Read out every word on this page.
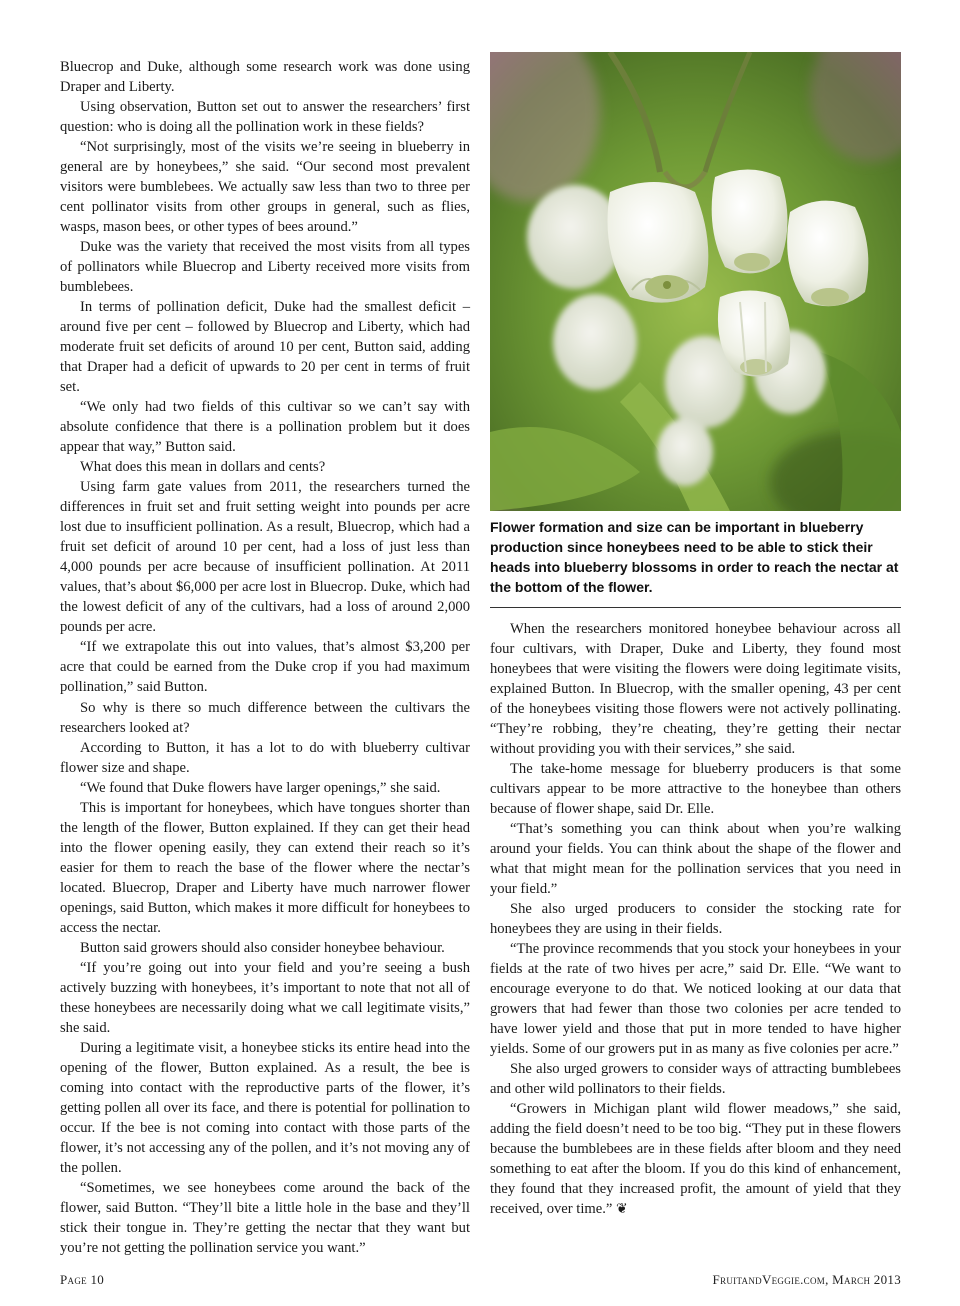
Bluecrop and Duke, although some research work was done using Draper and Liberty.

Using observation, Button set out to answer the researchers’ first question: who is doing all the pollination work in these fields?

“Not surprisingly, most of the visits we’re seeing in blueberry in general are by honeybees,” she said. “Our second most prevalent visitors were bumblebees. We actually saw less than two to three per cent pollinator visits from other groups in general, such as flies, wasps, mason bees, or other types of bees around.”

Duke was the variety that received the most visits from all types of pollinators while Bluecrop and Liberty received more visits from bumblebees.

In terms of pollination deficit, Duke had the smallest deficit – around five per cent – followed by Bluecrop and Liberty, which had moderate fruit set deficits of around 10 per cent, Button said, adding that Draper had a deficit of upwards to 20 per cent in terms of fruit set.

“We only had two fields of this cultivar so we can’t say with absolute confidence that there is a pollination problem but it does appear that way,” Button said.

What does this mean in dollars and cents?

Using farm gate values from 2011, the researchers turned the differences in fruit set and fruit setting weight into pounds per acre lost due to insufficient pollination. As a result, Bluecrop, which had a fruit set deficit of around 10 per cent, had a loss of just less than 4,000 pounds per acre because of insufficient pollination. At 2011 values, that’s about $6,000 per acre lost in Bluecrop. Duke, which had the lowest deficit of any of the cultivars, had a loss of around 2,000 pounds per acre.

“If we extrapolate this out into values, that’s almost $3,200 per acre that could be earned from the Duke crop if you had maximum pollination,” said Button.

So why is there so much difference between the cultivars the researchers looked at?

According to Button, it has a lot to do with blueberry cultivar flower size and shape.

“We found that Duke flowers have larger openings,” she said.

This is important for honeybees, which have tongues shorter than the length of the flower, Button explained. If they can get their head into the flower opening easily, they can extend their reach so it’s easier for them to reach the base of the flower where the nectar’s located. Bluecrop, Draper and Liberty have much narrower flower openings, said Button, which makes it more difficult for honeybees to access the nectar.

Button said growers should also consider honeybee behaviour.

“If you’re going out into your field and you’re seeing a bush actively buzzing with honeybees, it’s important to note that not all of these honeybees are necessarily doing what we call legitimate visits,” she said.

During a legitimate visit, a honeybee sticks its entire head into the opening of the flower, Button explained. As a result, the bee is coming into contact with the reproductive parts of the flower, it’s getting pollen all over its face, and there is potential for pollination to occur. If the bee is not coming into contact with those parts of the flower, it’s not accessing any of the pollen, and it’s not moving any of the pollen.

“Sometimes, we see honeybees come around the back of the flower, said Button. “They’ll bite a little hole in the base and they’ll stick their tongue in. They’re getting the nectar that they want but you’re not getting the pollination service you want.”

Flower formation and size can be important in blueberry production since honeybees need to be able to stick their heads into blueberry blossoms in order to reach the nectar at the bottom of the flower.

When the researchers monitored honeybee behaviour across all four cultivars, with Draper, Duke and Liberty, they found most honeybees that were visiting the flowers were doing legitimate visits, explained Button. In Bluecrop, with the smaller opening, 43 per cent of the honeybees visiting those flowers were not actively pollinating. “They’re robbing, they’re cheating, they’re getting their nectar without providing you with their services,” she said.

The take-home message for blueberry producers is that some cultivars appear to be more attractive to the honeybee than others because of flower shape, said Dr. Elle.

“That’s something you can think about when you’re walking around your fields. You can think about the shape of the flower and what that might mean for the pollination services that you need in your field.”

She also urged producers to consider the stocking rate for honeybees they are using in their fields.

“The province recommends that you stock your honeybees in your fields at the rate of two hives per acre,” said Dr. Elle. “We want to encourage everyone to do that. We noticed looking at our data that growers that had fewer than those two colonies per acre tended to have lower yield and those that put in more tended to have higher yields. Some of our growers put in as many as five colonies per acre.”

She also urged growers to consider ways of attracting bumblebees and other wild pollinators to their fields.

“Growers in Michigan plant wild flower meadows,” she said, adding the field doesn’t need to be too big. “They put in these flowers because the bumblebees are in these fields after bloom and they need something to eat after the bloom. If you do this kind of enhancement, they found that they increased profit, the amount of yield that they received, over time.” ❦

Page 10	FruitandVeggie.com, March 2013
